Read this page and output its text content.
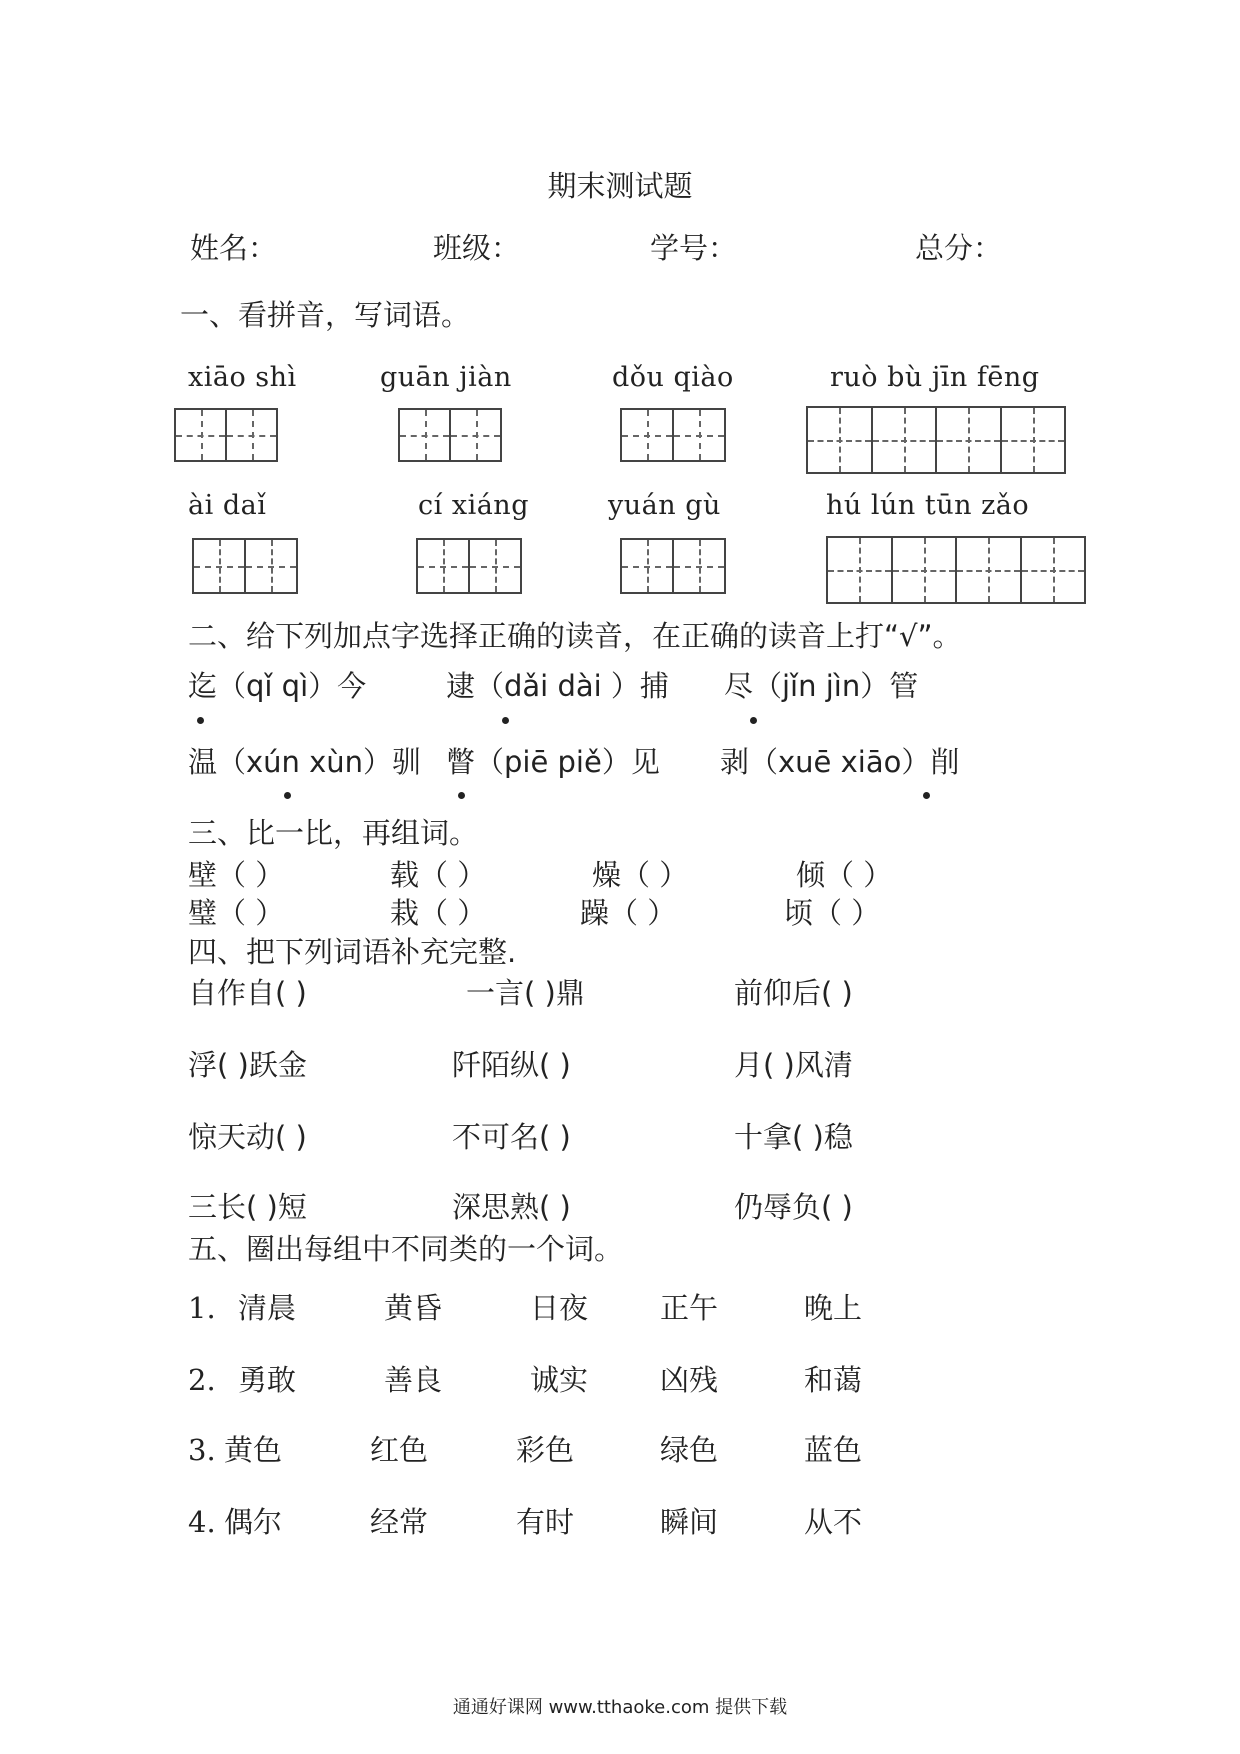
期末测试题
姓名：	班级：	学号：	总分：
一、看拼音，写词语。
xiāo shì	guān jiàn	dǒu qiào	ruò bù jīn fēng
ài daǐ	cí xiáng	yuán gù	hú lún tūn zǎo
二、给下列加点字选择正确的读音，在正确的读音上打“√”。
迄（qǐ qì）今	逮（dǎi dài ）捕 尽（jǐn jìn）管
温（xún xùn）驯 瞥（piē piě）见 剥（xuē xiāo）削
三、比一比，再组词。
壁（ ）	载（ ）	燥（ ）	倾（ ）
璧（ ）	栽（ ）	躁（ ）	顷（ ）
四、把下列词语补充完整.
自作自( )	一言( )鼎	前仰后( )
浮( )跃金	阡陌纵( )	月( )风清
惊天动( )	不可名( )	十拿( )稳
三长( )短	深思熟( )	仍辱负( )
五、圈出每组中不同类的一个词。
1. 清晨	黄昏	日夜 正午	晚上
2. 勇敢	善良	诚实 凶残	和蔼
3. 黄色	红色	彩色	绿色	蓝色
4. 偶尔	经常	有时	瞬间	从不
通通好课网 www.tthaoke.com 提供下载
